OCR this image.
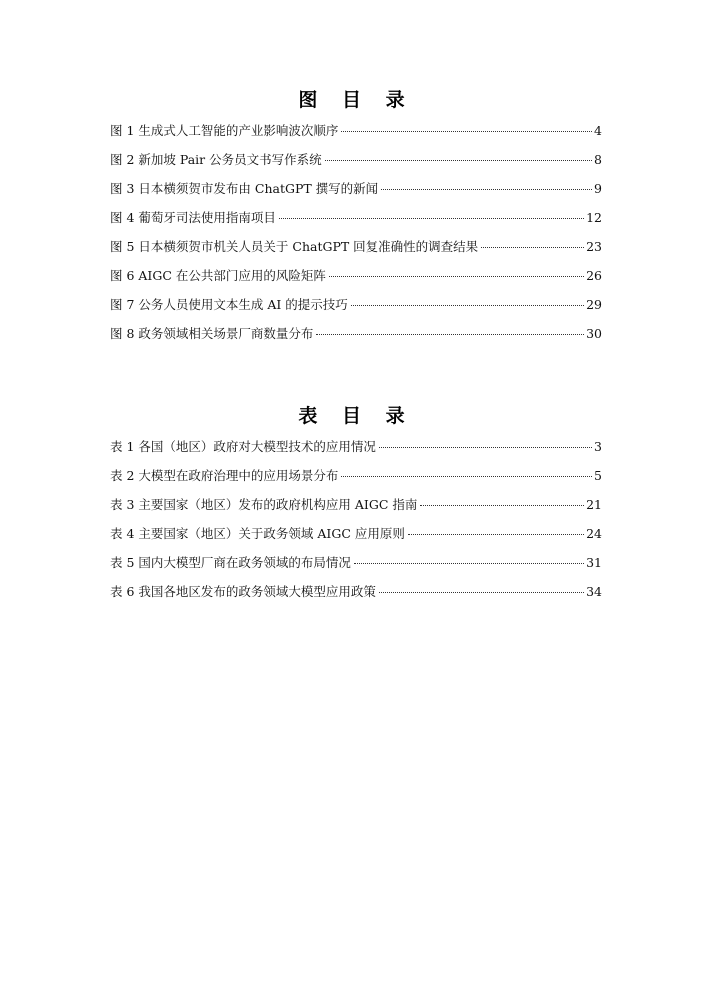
图 目 录
图 1 生成式人工智能的产业影响波次顺序	4
图 2 新加坡 Pair 公务员文书写作系统	8
图 3 日本横须贺市发布由 ChatGPT 撰写的新闻	9
图 4 葡萄牙司法使用指南项目	12
图 5 日本横须贺市机关人员关于 ChatGPT 回复准确性的调查结果	23
图 6 AIGC 在公共部门应用的风险矩阵	26
图 7 公务人员使用文本生成 AI 的提示技巧	29
图 8 政务领域相关场景厂商数量分布	30
表 目 录
表 1 各国（地区）政府对大模型技术的应用情况	3
表 2 大模型在政府治理中的应用场景分布	5
表 3 主要国家（地区）发布的政府机构应用 AIGC 指南	21
表 4 主要国家（地区）关于政务领域 AIGC 应用原则	24
表 5 国内大模型厂商在政务领域的布局情况	31
表 6 我国各地区发布的政务领域大模型应用政策	34
